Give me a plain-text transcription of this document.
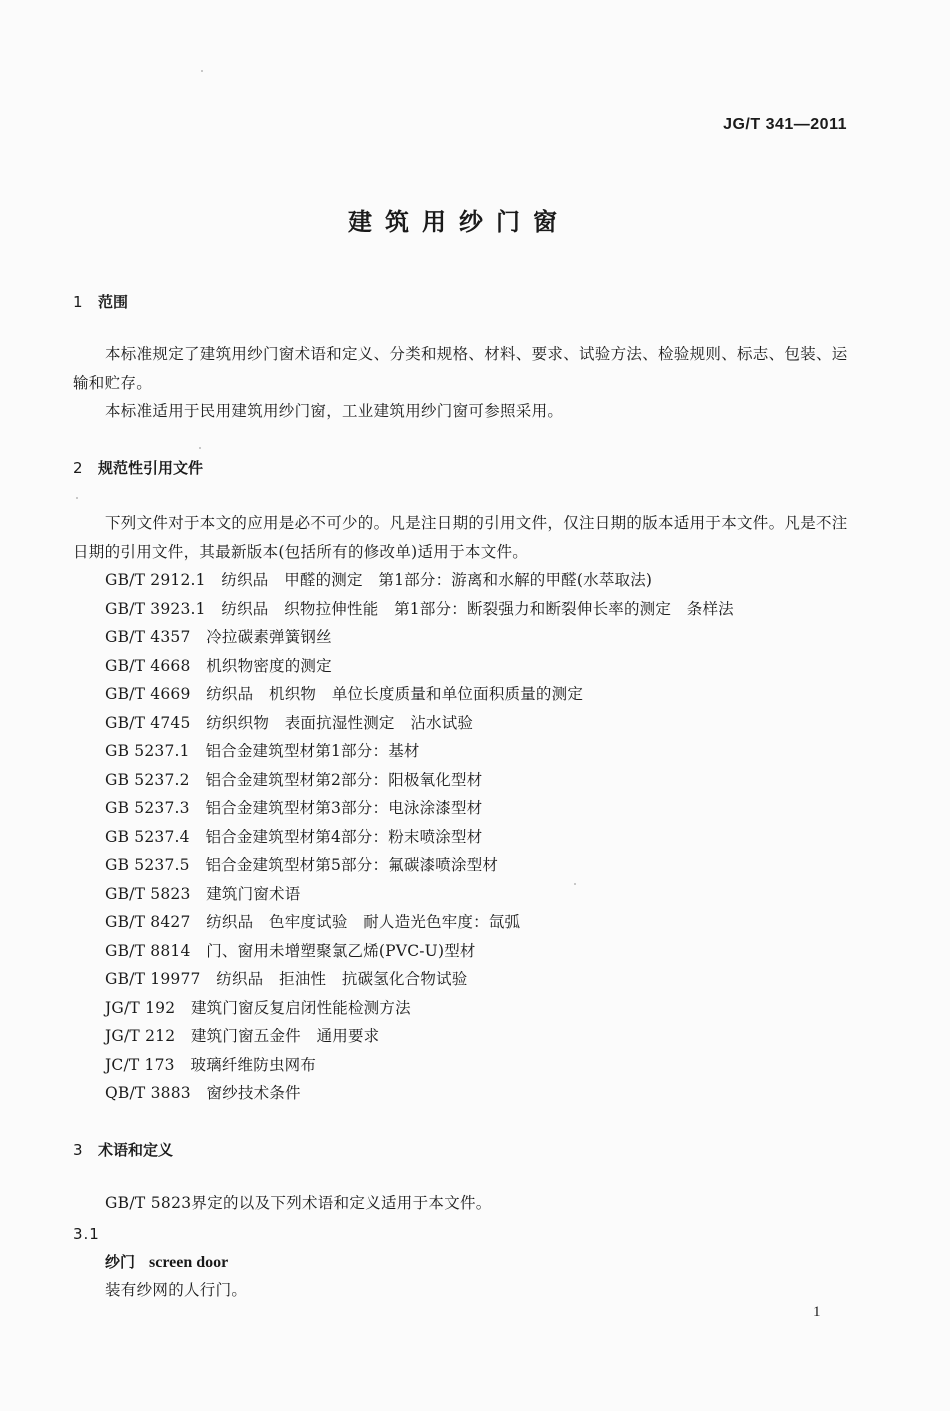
JG/T 341—2011
建筑用纱门窗
1 范围
本标准规定了建筑用纱门窗术语和定义、分类和规格、材料、要求、试验方法、检验规则、标志、包装、运输和贮存。
本标准适用于民用建筑用纱门窗，工业建筑用纱门窗可参照采用。
2 规范性引用文件
下列文件对于本文的应用是必不可少的。凡是注日期的引用文件，仅注日期的版本适用于本文件。凡是不注日期的引用文件，其最新版本(包括所有的修改单)适用于本文件。
GB/T 2912.1　 纺织品　甲醛的测定　第1部分：游离和水解的甲醛(水萃取法)
GB/T 3923.1　 纺织品　织物拉伸性能　第1部分：断裂强力和断裂伸长率的测定　条样法
GB/T 4357　 冷拉碳素弹簧钢丝
GB/T 4668　 机织物密度的测定
GB/T 4669　 纺织品　机织物　单位长度质量和单位面积质量的测定
GB/T 4745　 纺织织物　表面抗湿性测定　沾水试验
GB 5237.1　 铝合金建筑型材第1部分：基材
GB 5237.2　 铝合金建筑型材第2部分：阳极氧化型材
GB 5237.3　 铝合金建筑型材第3部分：电泳涂漆型材
GB 5237.4　 铝合金建筑型材第4部分：粉末喷涂型材
GB 5237.5　 铝合金建筑型材第5部分：氟碳漆喷涂型材
GB/T 5823　 建筑门窗术语
GB/T 8427　 纺织品　色牢度试验　耐人造光色牢度：氙弧
GB/T 8814　 门、窗用未增塑聚氯乙烯(PVC-U)型材
GB/T 19977　 纺织品　拒油性　抗碳氢化合物试验
JG/T 192　 建筑门窗反复启闭性能检测方法
JG/T 212　 建筑门窗五金件　通用要求
JC/T 173　 玻璃纤维防虫网布
QB/T 3883　 窗纱技术条件
3 术语和定义
GB/T 5823界定的以及下列术语和定义适用于本文件。
3.1
纱门 screen door
装有纱网的人行门。
1
